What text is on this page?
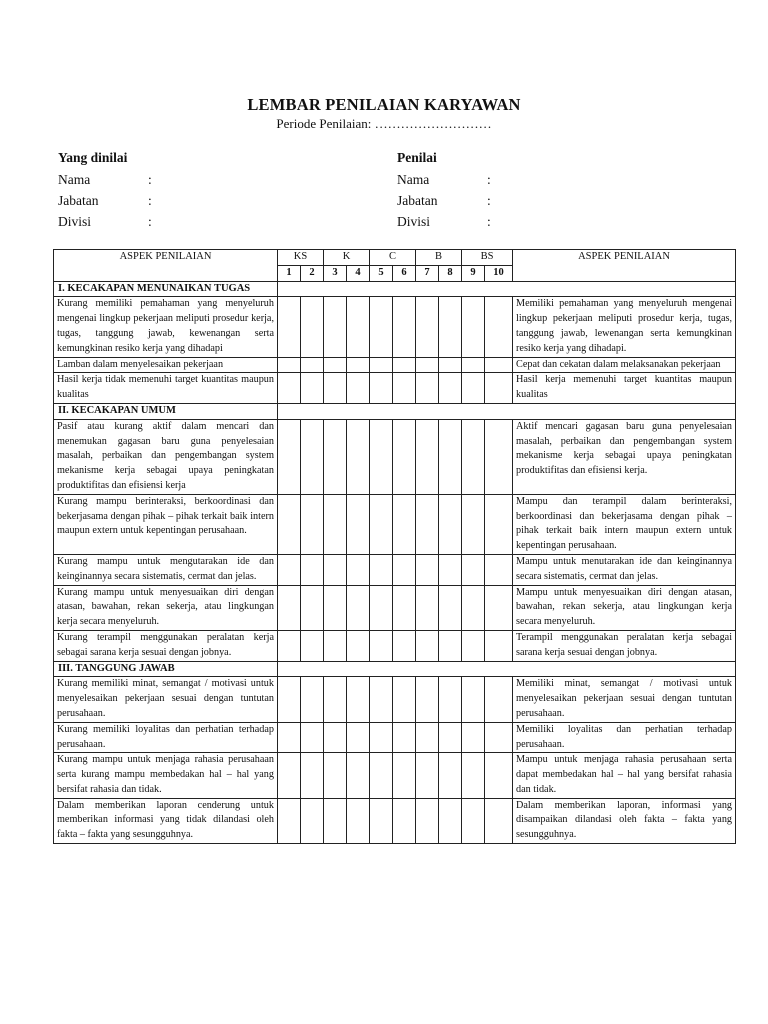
LEMBAR PENILAIAN KARYAWAN
Periode Penilaian: ………………………
Yang dinilai
Nama	:
Jabatan	:
Divisi	:
Penilai
Nama	:
Jabatan	:
Divisi	:
ASPEK PENILAIAN	KS		K		C		B		BS		ASPEK PENILAIAN
	1	2	3	4	5	6	7	8	9	10	
I. KECAKAPAN MENUNAIKAN TUGAS											
Kurang memiliki pemahaman yang menyeluruh mengenai lingkup pekerjaan meliputi prosedur kerja, tugas, tanggung jawab, kewenangan serta kemungkinan resiko kerja yang dihadapi											Memiliki pemahaman yang menyeluruh mengenai lingkup pekerjaan meliputi prosedur kerja, tugas, tanggung jawab, lewenangan serta kemungkinan resiko kerja yang dihadapi.
Lamban dalam menyelesaikan pekerjaan											Cepat dan cekatan dalam melaksanakan pekerjaan
Hasil kerja tidak memenuhi target kuantitas maupun kualitas											Hasil kerja memenuhi target kuantitas maupun kualitas
II. KECAKAPAN UMUM											
Pasif atau kurang aktif dalam mencari dan menemukan gagasan baru guna penyelesaian masalah, perbaikan dan pengembangan system mekanisme kerja sebagai upaya peningkatan produktifitas dan efisiensi kerja											Aktif mencari gagasan baru guna penyelesaian masalah, perbaikan dan pengembangan system mekanisme kerja sebagai upaya peningkatan produktifitas dan efisiensi kerja.
Kurang mampu berinteraksi, berkoordinasi dan bekerjasama dengan pihak – pihak terkait baik intern maupun extern untuk kepentingan perusahaan.											Mampu dan terampil dalam berinteraksi, berkoordinasi dan bekerjasama dengan pihak – pihak terkait baik intern maupun extern untuk kepentingan perusahaan.
Kurang mampu untuk mengutarakan ide dan keinginannya secara sistematis, cermat dan jelas.											Mampu untuk menutarakan ide dan keinginannya secara sistematis, cermat dan jelas.
Kurang mampu untuk menyesuaikan diri dengan atasan, bawahan, rekan sekerja, atau lingkungan kerja secara menyeluruh.											Mampu untuk menyesuaikan diri dengan atasan, bawahan, rekan sekerja, atau lingkungan kerja secara menyeluruh.
Kurang terampil menggunakan peralatan kerja sebagai sarana kerja sesuai dengan jobnya.											Terampil menggunakan peralatan kerja sebagai sarana kerja sesuai dengan jobnya.
III. TANGGUNG JAWAB											
Kurang memiliki minat, semangat / motivasi untuk menyelesaikan pekerjaan sesuai dengan tuntutan perusahaan.											Memiliki minat, semangat / motivasi untuk menyelesaikan pekerjaan sesuai dengan tuntutan perusahaan.
Kurang memiliki loyalitas dan perhatian terhadap perusahaan.											Memiliki loyalitas dan perhatian terhadap perusahaan.
Kurang mampu untuk menjaga rahasia perusahaan serta kurang mampu membedakan hal – hal yang bersifat rahasia dan tidak.											Mampu untuk menjaga rahasia perusahaan serta dapat membedakan hal – hal yang bersifat rahasia dan tidak.
Dalam memberikan laporan cenderung untuk memberikan informasi yang tidak dilandasi oleh fakta – fakta yang sesungguhnya.											Dalam memberikan laporan, informasi yang disampaikan dilandasi oleh fakta – fakta yang sesungguhnya.
